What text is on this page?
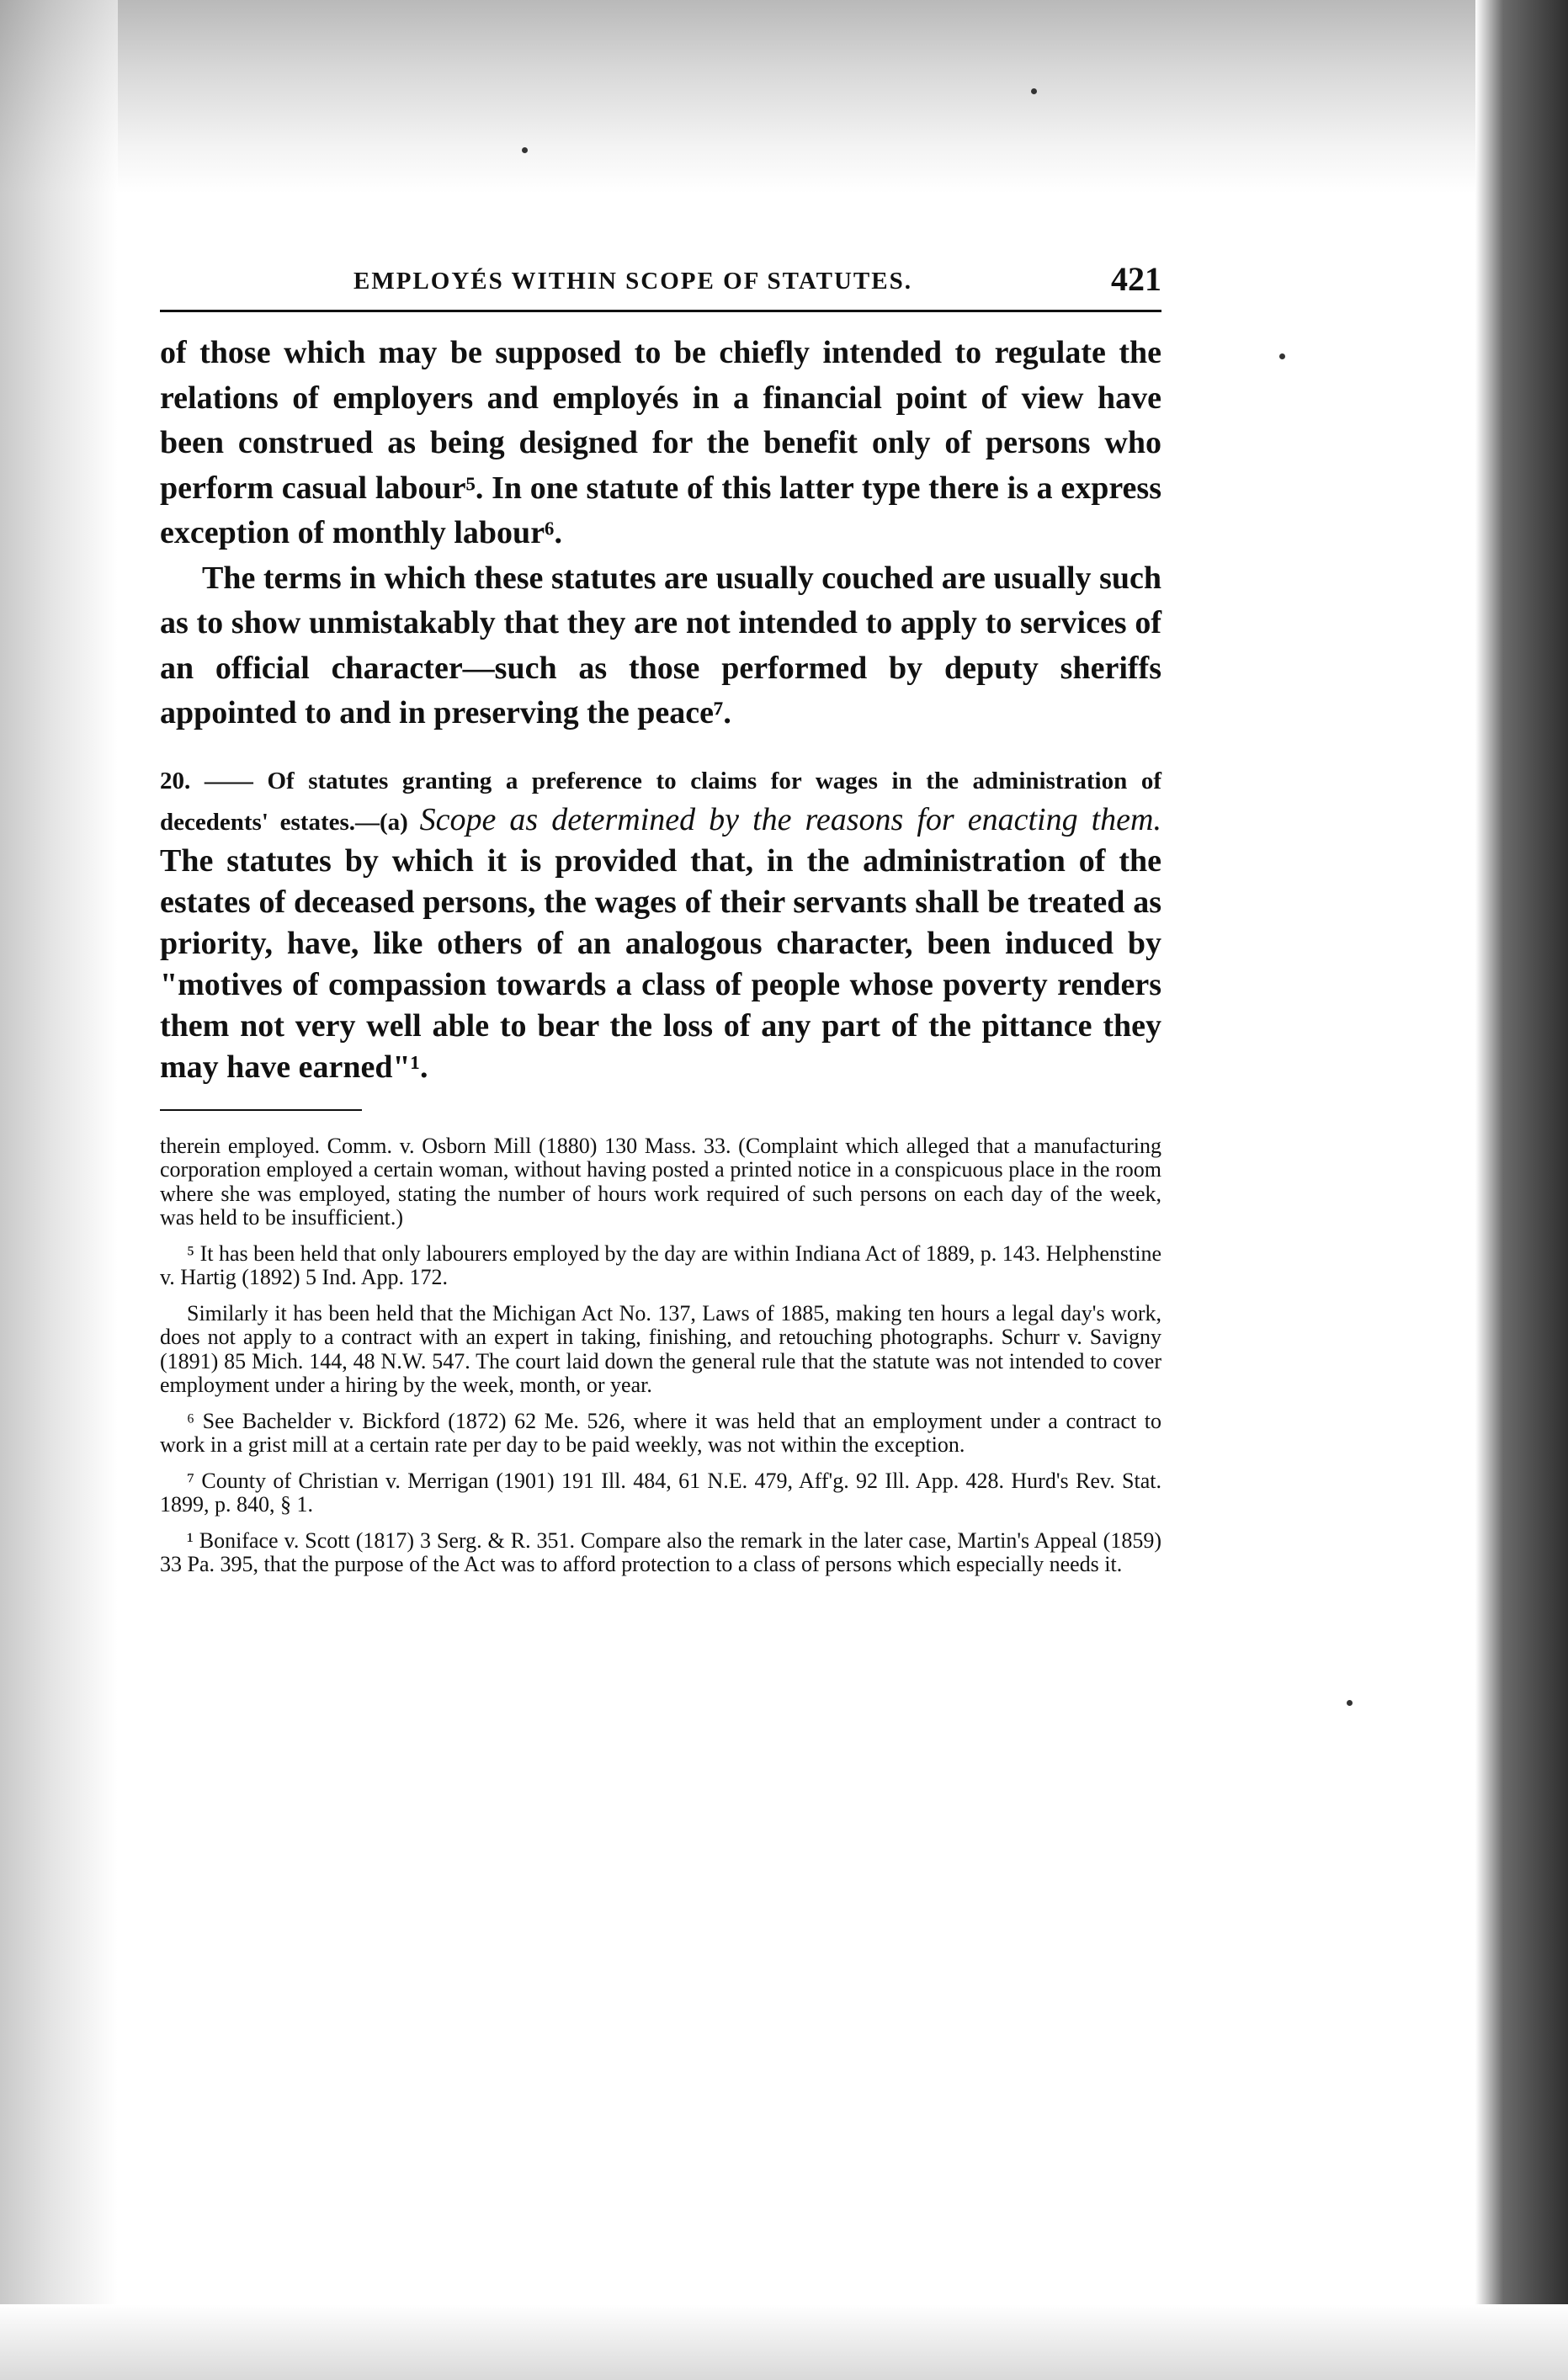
EMPLOYÉS WITHIN SCOPE OF STATUTES.	421

of those which may be supposed to be chiefly intended to regulate the relations of employers and employés in a financial point of view have been construed as being designed for the benefit only of persons who perform casual labour⁵. In one statute of this latter type there is a express exception of monthly labour⁶.

The terms in which these statutes are usually couched are usually such as to show unmistakably that they are not intended to apply to services of an official character—such as those performed by deputy sheriffs appointed to and in preserving the peace⁷.

20. —— Of statutes granting a preference to claims for wages in the administration of decedents' estates.—(a) Scope as determined by the reasons for enacting them. The statutes by which it is provided that, in the administration of the estates of deceased persons, the wages of their servants shall be treated as priority, have, like others of an analogous character, been induced by "motives of compassion towards a class of people whose poverty renders them not very well able to bear the loss of any part of the pittance they may have earned"¹.

therein employed. Comm. v. Osborn Mill (1880) 130 Mass. 33. (Complaint which alleged that a manufacturing corporation employed a certain woman, without having posted a printed notice in a conspicuous place in the room where she was employed, stating the number of hours work required of such persons on each day of the week, was held to be insufficient.)

⁵ It has been held that only labourers employed by the day are within Indiana Act of 1889, p. 143. Helphenstine v. Hartig (1892) 5 Ind. App. 172.

Similarly it has been held that the Michigan Act No. 137, Laws of 1885, making ten hours a legal day's work, does not apply to a contract with an expert in taking, finishing, and retouching photographs. Schurr v. Savigny (1891) 85 Mich. 144, 48 N.W. 547. The court laid down the general rule that the statute was not intended to cover employment under a hiring by the week, month, or year.

⁶ See Bachelder v. Bickford (1872) 62 Me. 526, where it was held that an employment under a contract to work in a grist mill at a certain rate per day to be paid weekly, was not within the exception.

⁷ County of Christian v. Merrigan (1901) 191 Ill. 484, 61 N.E. 479, Aff'g. 92 Ill. App. 428. Hurd's Rev. Stat. 1899, p. 840, § 1.

¹ Boniface v. Scott (1817) 3 Serg. & R. 351. Compare also the remark in the later case, Martin's Appeal (1859) 33 Pa. 395, that the purpose of the Act was to afford protection to a class of persons which especially needs it.
